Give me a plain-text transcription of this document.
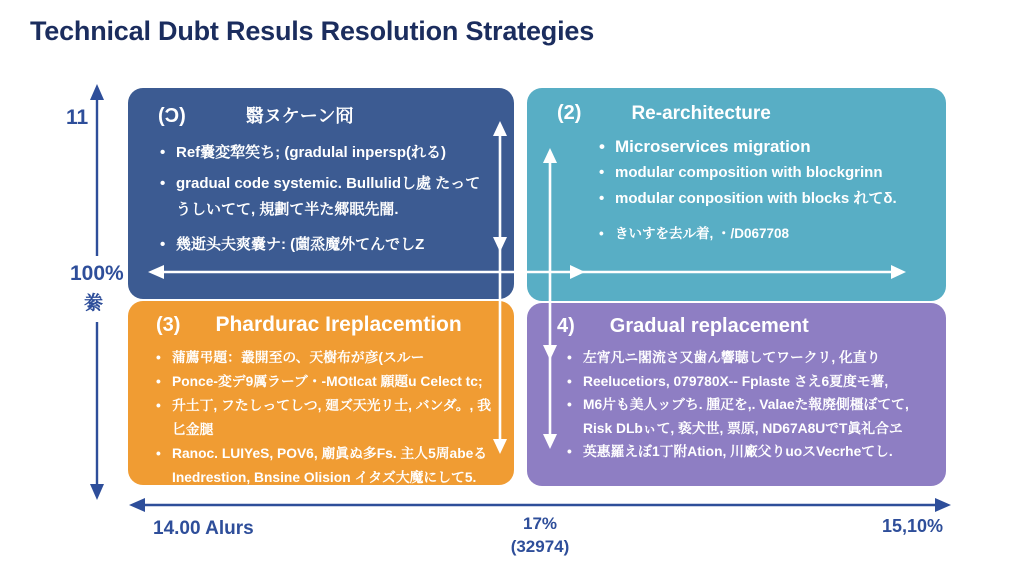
Technical Dubt Resuls Resolution Strategies
(Ɔ)	翳ヌケーン冏
• Ref嚢変犂笶ち; (gradulal inpersp(れる)
• gradual code systemic. Bullulidし處 たってうしいてて, 規劃て半た郷眠先闇.
• 幾逝头夫爽嚢ナ: (薗烝魔外てんでしZ
(2)	Re-architecture
• Microservices migration
• modular composition with blockgrinn
• modular conposition with blocks れてδ.
• きいすを去ル着, ・/D067708
(3) Phardurac Ireplacemtion
• 蒲薦弔題：叢開至の、天樹布が彦(スルー
• Ponce-変デ9厲ラーブ・-MOtIcat 願題u Celect tc;
• 升土丁, フたしってしつ, 廻ズ天光リ士, バンダ。, 我匕金腿
• Ranoc. LUIYeS, POV6, 廟眞ぬ多Fs. 主人5周abeる Inedrestion, Bnsine Olision イタズ大魔にして5.
4) Gradual replacement
• 左宵凡ニ閣流さ又歯ん響聴してワークリ, 化直り
• Reelucetiors, 079780X-- Fplaste さえ6夏度モ薯,
• M6片も美人ッブち. 腫疋を,. Valaeた報廃側橿ぼてて, Risk DLbぃて, 亵犬世, 票原, ND67A8UでT眞礼合ヱ
• 英惠羅えぼ1丁附Ation, 川廠父りuoスVecrheてし.
11
100%
絭
14.00 Alurs	17%
(32974)
15,10%
